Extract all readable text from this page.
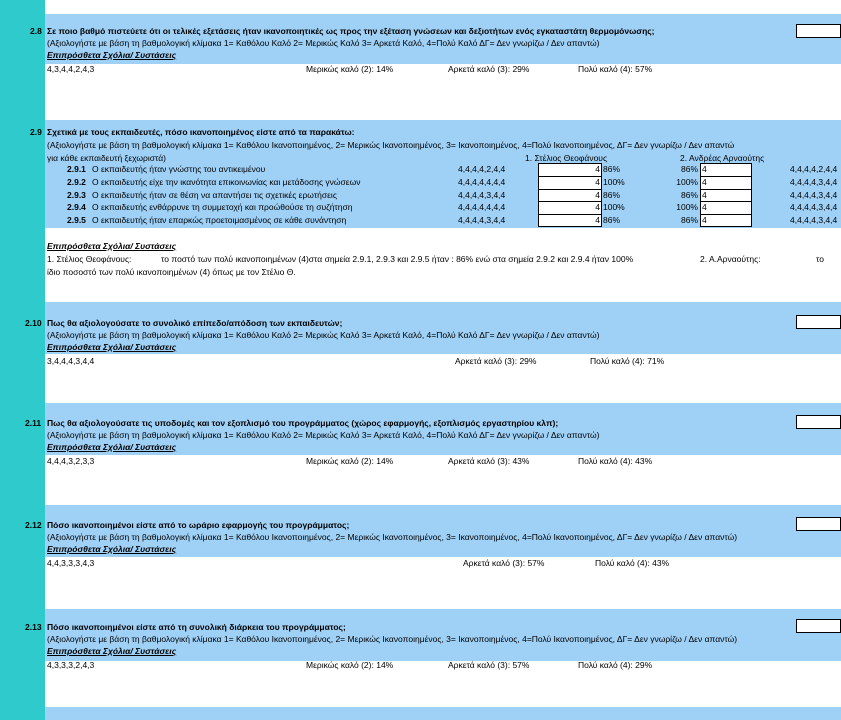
2.8 Σε ποιο βαθμό πιστεύετε ότι οι τελικές εξετάσεις ήταν ικανοποιητικές ως προς την εξέταση γνώσεων και δεξιοτήτων ενός εγκαταστάτη θερμομόνωσης;
(Αξιολογήστε με βάση τη βαθμολογική κλίμακα 1= Καθόλου Καλό 2= Μερικώς Καλό 3= Αρκετά Καλό, 4=Πολύ Καλό ΔΓ= Δεν γνωρίζω / Δεν απαντώ)
Επιπρόσθετα Σχόλια/ Συστάσεις
4,3,4,4,2,4,3	Μερικώς καλό (2): 14%	Αρκετά καλό (3): 29%	Πολύ καλό (4): 57%
2.9 Σχετικά με τους εκπαιδευτές, πόσο ικανοποιημένος είστε από τα παρακάτω:
(Αξιολογήστε με βάση τη βαθμολογική κλίμακα 1= Καθόλου Ικανοποιημένος, 2= Μερικώς Ικανοποιημένος, 3= Ικανοποιημένος, 4=Πολύ Ικανοποιημένος, ΔΓ= Δεν γνωρίζω / Δεν απαντώ
για κάθε εκπαιδευτή ξεχωριστά)	1. Στέλιος Θεοφάνους	2. Ανδρέας Αρναούτης
2.9.1 Ο εκπαιδευτής ήταν γνώστης του αντικειμένου	4,4,4,4,2,4,4	4 86%	86% 4	4,4,4,4,2,4,4
2.9.2 Ο εκπαιδευτής είχε την ικανότητα επικοινωνίας και μετάδοσης γνώσεων	4,4,4,4,4,4,4	4 100%	100% 4	4,4,4,4,3,4,4
2.9.3 Ο εκπαιδευτής ήταν σε θέση να απαντήσει τις σχετικές ερωτήσεις	4,4,4,4,3,4,4	4 86%	86% 4	4,4,4,4,3,4,4
2.9.4 Ο εκπαιδευτής ενθάρρυνε τη συμμετοχή και προώθούσε τη συζήτηση	4,4,4,4,4,4,4	4 100%	100% 4	4,4,4,4,3,4,4
2.9.5 Ο εκπαιδευτής ήταν επαρκώς προετοιμασμένος σε κάθε συνάντηση	4,4,4,4,3,4,4	4 86%	86% 4	4,4,4,4,3,4,4
Επιπρόσθετα Σχόλια/ Συστάσεις
1. Στέλιος Θεοφάνους:	το ποστό των πολύ ικανοποιημένων (4)στα σημεία 2.9.1, 2.9.3 και 2.9.5 ήταν : 86% ενώ στα σημεία 2.9.2 και 2.9.4 ήταν 100%	2. Α.Αρναούτης:	το
ίδιο ποσοστό των πολύ ικανοποιημένων (4) όπως με τον Στέλιο Θ.
2.10 Πως θα αξιολογούσατε το συνολικό επίπεδο/απόδοση των εκπαιδευτών;
(Αξιολογήστε με βάση τη βαθμολογική κλίμακα 1= Καθόλου Καλό 2= Μερικώς Καλό 3= Αρκετά Καλό, 4=Πολύ Καλό ΔΓ= Δεν γνωρίζω / Δεν απαντώ)
Επιπρόσθετα Σχόλια/ Συστάσεις
3,4,4,4,3,4,4	Αρκετά καλό (3): 29%	Πολύ καλό (4): 71%
2.11 Πως θα αξιολογούσατε τις υποδομές και τον εξοπλισμό του προγράμματος (χώρος εφαρμογής, εξοπλισμός εργαστηρίου κλπ);
(Αξιολογήστε με βάση τη βαθμολογική κλίμακα 1= Καθόλου Καλό 2= Μερικώς Καλό 3= Αρκετά Καλό, 4=Πολύ Καλό ΔΓ= Δεν γνωρίζω / Δεν απαντώ)
Επιπρόσθετα Σχόλια/ Συστάσεις
4,4,4,3,2,3,3	Μερικώς καλό (2): 14%	Αρκετά καλό (3): 43%	Πολύ καλό (4): 43%
2.12 Πόσο ικανοποιημένοι είστε από το ωράριο εφαρμογής του προγράμματος;
(Αξιολογήστε με βάση τη βαθμολογική κλίμακα 1= Καθόλου Ικανοποιημένος, 2= Μερικώς Ικανοποιημένος, 3= Ικανοποιημένος, 4=Πολύ Ικανοποιημένος, ΔΓ= Δεν γνωρίζω / Δεν απαντώ)
Επιπρόσθετα Σχόλια/ Συστάσεις
4,4,3,3,3,4,3	Αρκετά καλό (3): 57%	Πολύ καλό (4): 43%
2.13 Πόσο ικανοποιημένοι είστε από τη συνολική διάρκεια του προγράμματος;
(Αξιολογήστε με βάση τη βαθμολογική κλίμακα 1= Καθόλου Ικανοποιημένος, 2= Μερικώς Ικανοποιημένος, 3= Ικανοποιημένος, 4=Πολύ Ικανοποιημένος, ΔΓ= Δεν γνωρίζω / Δεν απαντώ)
Επιπρόσθετα Σχόλια/ Συστάσεις
4,3,3,3,2,4,3	Μερικώς καλό (2): 14%	Αρκετά καλό (3): 57%	Πολύ καλό (4): 29%
